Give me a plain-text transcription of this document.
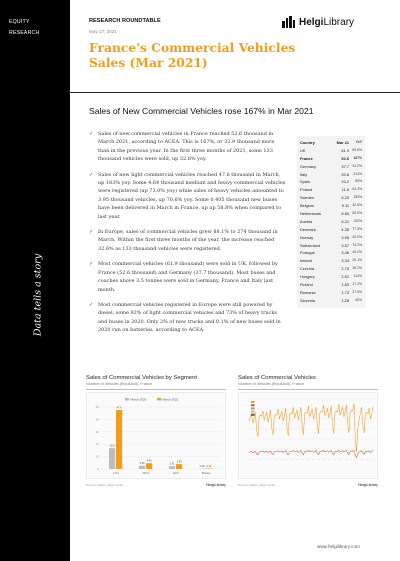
EQUITY
RESEARCH
Data tells a story
RESEARCH ROUNDTABLE
May 17, 2021
France's Commercial Vehicles Sales (Mar 2021)
HelgiLibrary
Sales of New Commercial Vehicles rose 167% in Mar 2021
✓ Sales of new commercial vehicles in France reached 52.6 thousand in March 2021, according to ACEA. This is 167%, or 32.9 thousand more than in the previous year. In the first three months of 2021, some 133 thousand vehicles were sold, up 32.6% yoy.
✓ Sales of new light commercial vehicles reached 47.6 thousand in March, up 183% yoy. Some 4.64 thousand medium and heavy commercial vehicles were registered (up 73.0% yoy) while sales of heavy vehicles amounted to 3.95 thousand vehicles, up 70.6% yoy. Some 0.405 thousand new buses have been delivered in March in France, up up 58.8% when compared to last year.
✓ In Europe, sales of commercial vehicles grew 88.1% to 274 thousand in March. Within the first three months of the year, the increase reached 32.6% as 133 thousand vehicles were registered.
✓ Most commercial vehicles (61.9 thousand) were sold in UK, followed by France (52.6 thousand) and Germany (37.7 thousand). Most buses and coaches above 3.5 tonnes were sold in Germany, France and Italy last month.
✓ Most commercial vehicles registered in Europe were still powered by diesel, some 92% of light commercial vehicles and 73% of heavy trucks and buses in 2020. Only 2% of new trucks and 0.1% of new buses sold in 2020 run on batteries, according to ACEA.
Country	Mar 21	YoY
UK	61.9 60.6%
France	52.6	167%
Germany	37.7 34.2%
Italy	20.6	214%
Spain	20.2	65%
Poland	11.6 64.3%
Sweden	6.29	159%
Belgium	9.11 42.6%
Netherlands	8.85 55.9%
Austria	6.31	100%
Denmark	4.35 77.3%
Norway	3.95 40.0%
Switzerland	3.57 74.2%
Portugal	3.46 40.0%
Ireland	3.34 20.1%
Czechia	2.75 36.2%
Hungary	2.51	114%
Finland	1.83 17.2%
Romania	1.73 27.5%
Slovenia	1.28	40%
Sales of Commercial Vehicles by Segment
Number of Vehicles (thousand), France
0
10
20
30
40
50
16.8
47.6
LCV
2.68
4.64
MCV
2.31
3.95
HCV
0.26 0.41
Buses
March 2020	March 2021
Source: ACEA, Helgi Library	HelgiLibrary
Sales of Commercial Vehicles
Number of Vehicles (thousand), France
Source: ACEA, Helgi Library	HelgiLibrary
www.helgilibrary.com
